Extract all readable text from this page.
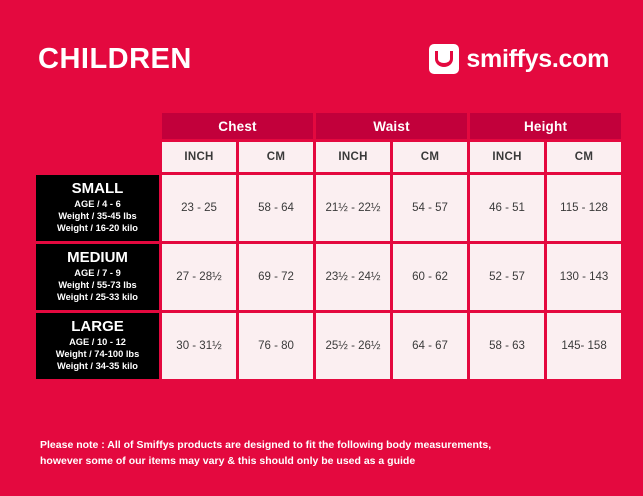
CHILDREN	smiffys.com
	Chest		Waist		Height	
	INCH	CM	INCH	CM	INCH	CM

SMALL
AGE / 4 - 6
Weight / 35-45 lbs
Weight / 16-20 kilo	23 - 25	58 - 64	21½ - 22½	54 - 57	46 - 51	115 - 128

MEDIUM
AGE / 7 - 9
Weight / 55-73 lbs
Weight / 25-33 kilo	27 - 28½	69 - 72	23½ - 24½	60 - 62	52 - 57	130 - 143

LARGE
AGE / 10 - 12
Weight / 74-100 lbs
Weight / 34-35 kilo	30 - 31½	76 - 80	25½ - 26½	64 - 67	58 - 63	145- 158
Please note : All of Smiffys products are designed to fit the following body measurements,
however some of our items may vary & this should only be used as a guide
